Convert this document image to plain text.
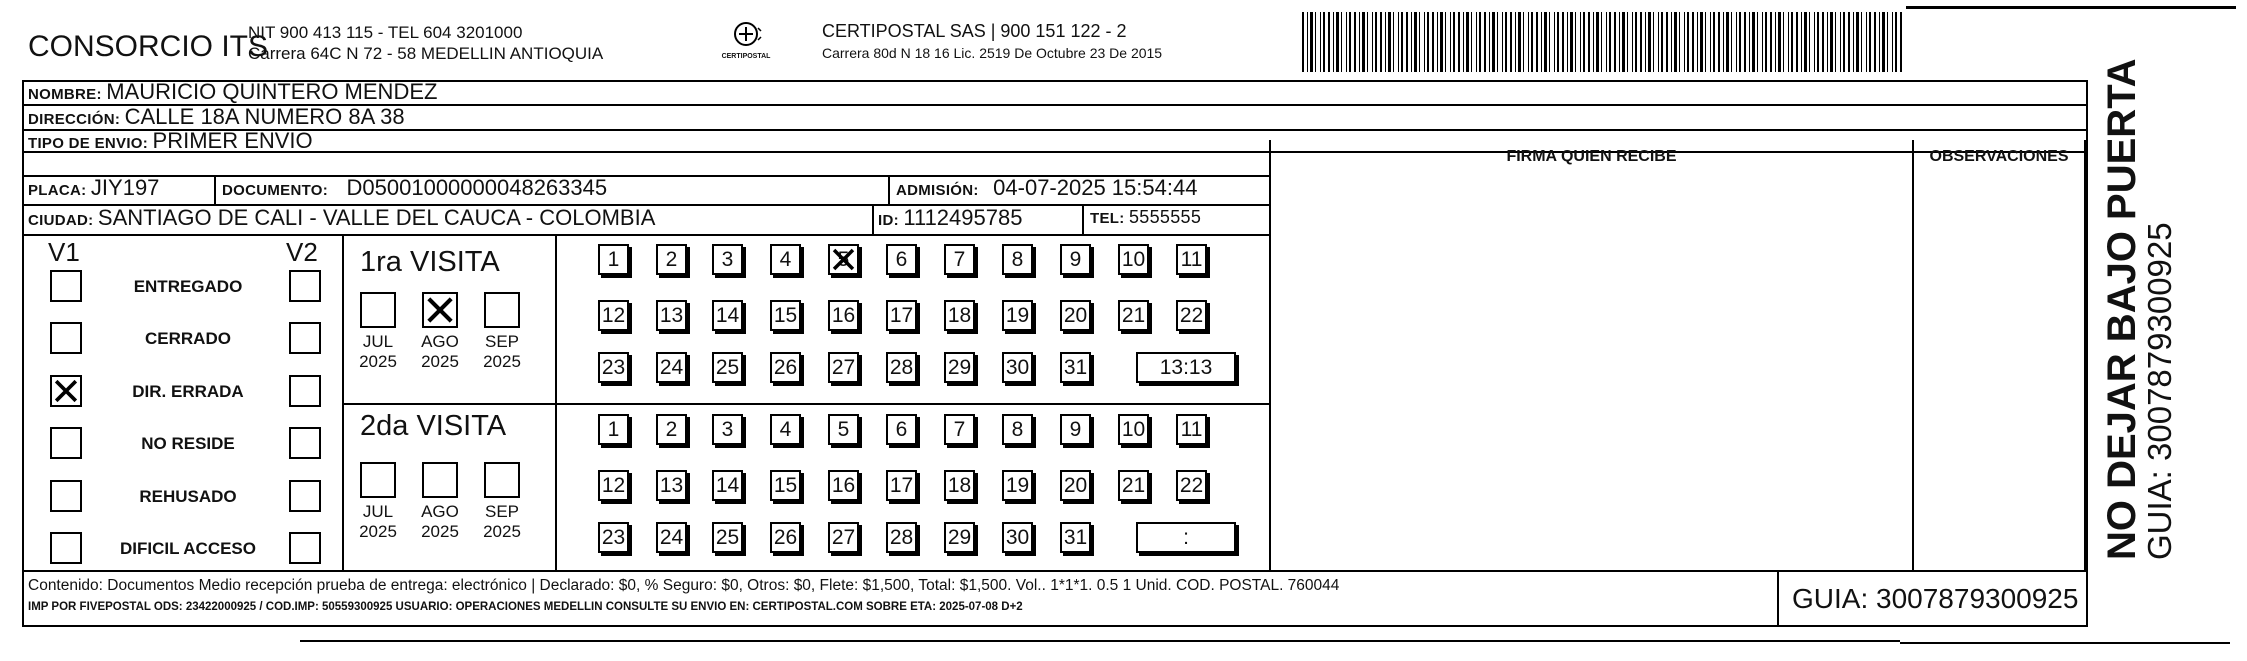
CONSORCIO ITS
NIT 900 413 115 - TEL 604 3201000
Carrera 64C N 72 - 58 MEDELLIN ANTIOQUIA	CERTIPOSTAL
CERTIPOSTAL SAS | 900 151 122 - 2
Carrera 80d N 18 16 Lic. 2519 De Octubre 23 De 2015
NOMBRE: MAURICIO QUINTERO MENDEZ
DIRECCIÓN: CALLE 18A NUMERO 8A 38
TIPO DE ENVIO: PRIMER ENVIO
FIRMA QUIEN RECIBE	OBSERVACIONES
PLACA: JIY197	DOCUMENTO: D05001000000048263345	ADMISIÓN: 04-07-2025 15:54:44
CIUDAD: SANTIAGO DE CALI - VALLE DEL CAUCA - COLOMBIA	ID: 1112495785	TEL: 5555555
V1	V2
ENTREGADO
CERRADO
DIR. ERRADA
NO RESIDE
REHUSADO
DIFICIL ACCESO
1ra VISITA
2da VISITA
JUL
2025
AGO
2025
SEP
2025
1	2	3	4	5	6	7	8	9	10 11
12 13 14 15 16 17 18 19 20 21 22
23 24 25 26 27 28 29 30 31	13:13
JUL
2025
AGO
2025
SEP
2025
1	2	3	4	5	6	7	8	9	10 11
12 13 14 15 16 17 18 19 20 21 22
23 24 25 26 27 28 29 30 31	:
Contenido: Documentos Medio recepción prueba de entrega: electrónico | Declarado: $0, % Seguro: $0, Otros: $0, Flete: $1,500, Total: $1,500. Vol.. 1*1*1. 0.5 1 Unid. COD. POSTAL. 760044
IMP POR FIVEPOSTAL ODS: 23422000925 / COD.IMP: 50559300925 USUARIO: OPERACIONES MEDELLIN CONSULTE SU ENVIO EN: CERTIPOSTAL.COM SOBRE ETA: 2025-07-08 D+2	GUIA: 3007879300925
NO DEJAR BAJO PUERTA
GUIA: 3007879300925
